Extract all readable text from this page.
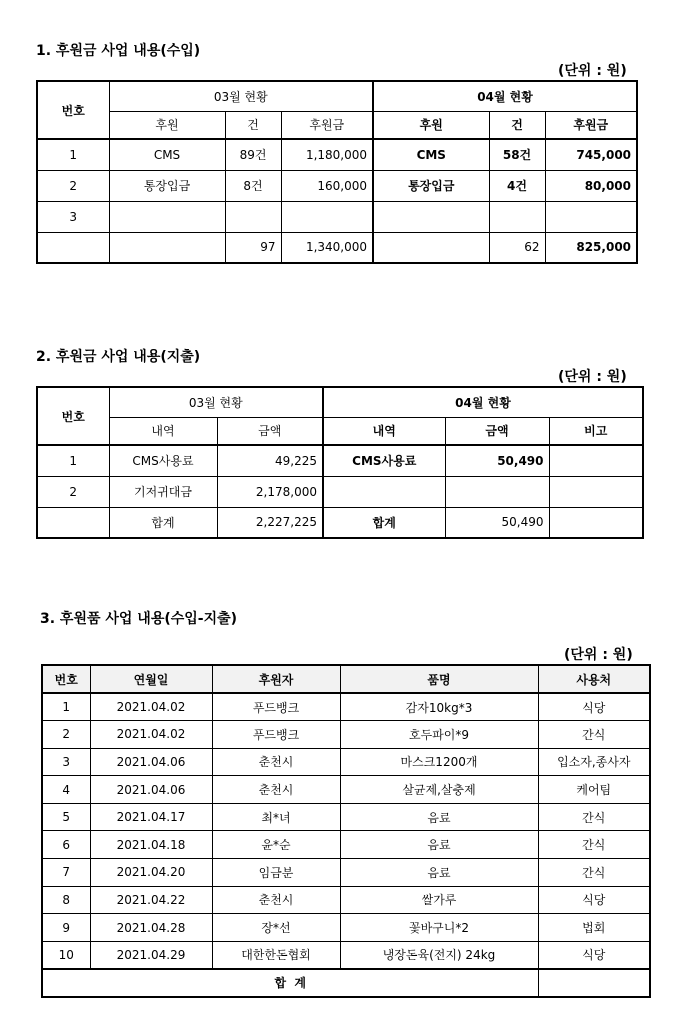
1. 후원금 사업 내용(수입)
(단위 : 원)
번호	03월 현황			04월 현황		
	후원	건	후원금	후원	건	후원금
1	CMS	89건	1,180,000	CMS	58건	745,000
2	통장입금	8건	160,000	통장입금	4건	80,000
3						
		97	1,340,000		62	825,000
2. 후원금 사업 내용(지출)
(단위 : 원)
번호	03월 현황		04월 현황		
	내역	금액	내역	금액	비고
1	CMS사용료	49,225	CMS사용료	50,490	
2	기저귀대금	2,178,000			
	합계	2,227,225	합계	50,490	
3. 후원품 사업 내용(수입-지출)
(단위 : 원)
번호	연월일	후원자	품명	사용처
1	2021.04.02	푸드뱅크	감자10kg*3	식당
2	2021.04.02	푸드뱅크	호두파이*9	간식
3	2021.04.06	춘천시	마스크1200개	입소자,종사자
4	2021.04.06	춘천시	살균제,살충제	케어팀
5	2021.04.17	최*녀	음료	간식
6	2021.04.18	윤*순	음료	간식
7	2021.04.20	임금분	음료	간식
8	2021.04.22	춘천시	쌀가루	식당
9	2021.04.28	장*선	꽃바구니*2	법회
10	2021.04.29	대한한돈협회	냉장돈육(전지) 24kg	식당
합  계				
